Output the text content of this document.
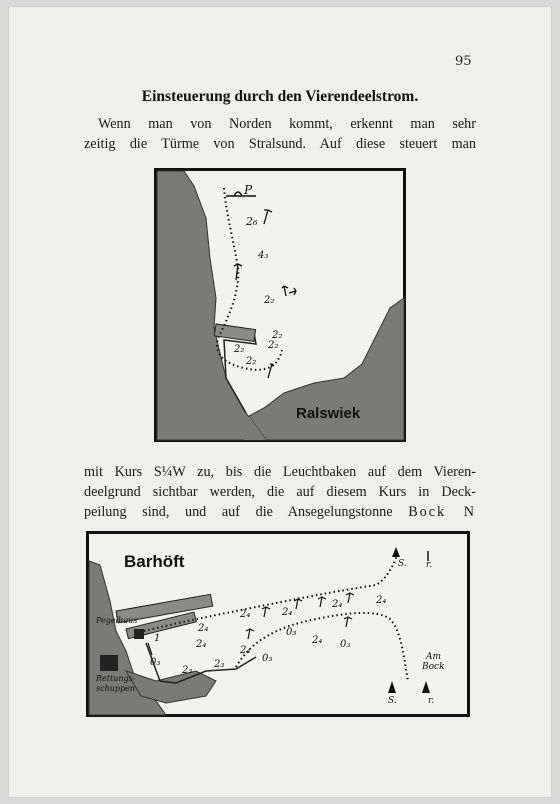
95
Einsteuerung durch den Vierendeelstrom.
Wenn man von Norden kommt, erkennt man sehr
zeitig die Türme von Stralsund. Auf diese steuert man
P
2₆
4₃
2₂
2₂
2₂
2₂
2₂
Ralswiek
mit Kurs S¼W zu, bis die Leuchtbaken auf dem Vieren-
deelgrund sichtbar werden, die auf diesem Kurs in Deck-
peilung sind, und auf die Ansegelungstonne Bock N
Barhöft
Pegelhaus
Rettungs-
schuppen
S. r.
S.	r.
Am
Bock
2₄
2₄	2₄
2₄	2₄
2₄
2₄
0₃
0₃
0₃
0₃
2₃
2₃
2₄
1
